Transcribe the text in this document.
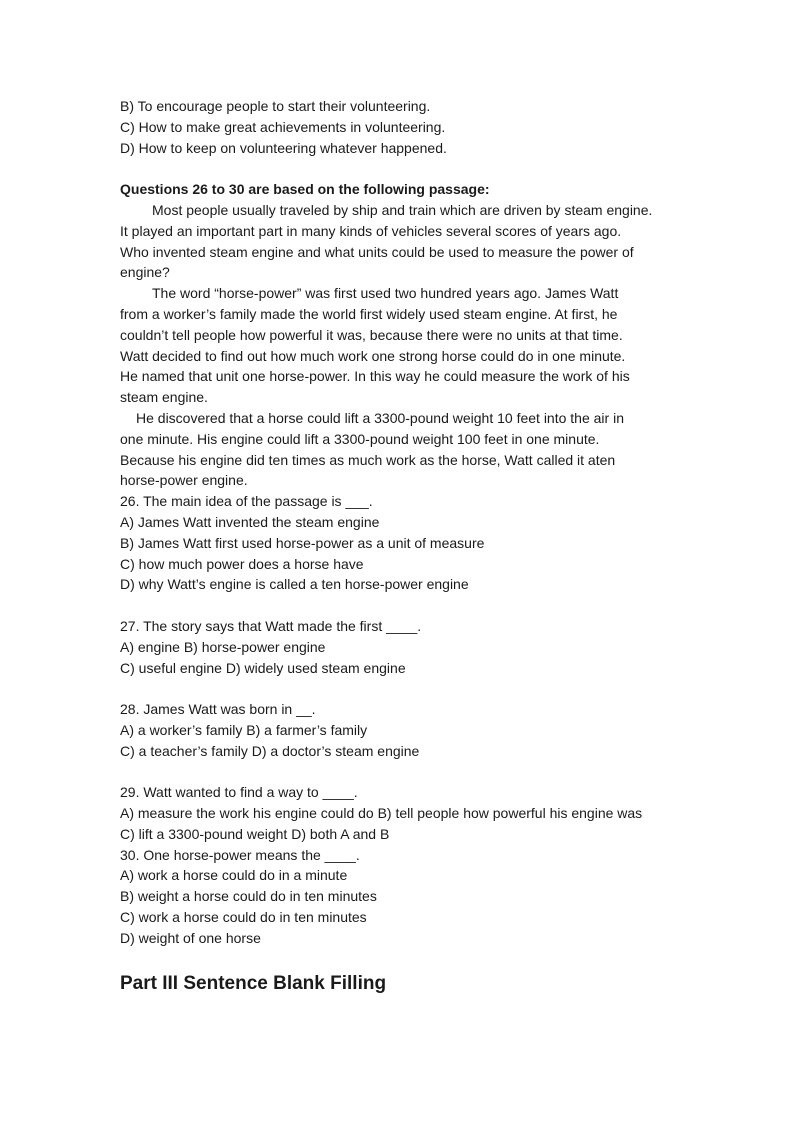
B) To encourage people to start their volunteering.
C) How to make great achievements in volunteering.
D) How to keep on volunteering whatever happened.
Questions 26 to 30 are based on the following passage:
Most people usually traveled by ship and train which are driven by steam engine.
It played an important part in many kinds of vehicles several scores of years ago.
Who invented steam engine and what units could be used to measure the power of
engine?
The word “horse-power” was first used two hundred years ago. James Watt
from a worker’s family made the world first widely used steam engine. At first, he
couldn’t tell people how powerful it was, because there were no units at that time.
Watt decided to find out how much work one strong horse could do in one minute.
He named that unit one horse-power. In this way he could measure the work of his
steam engine.
He discovered that a horse could lift a 3300-pound weight 10 feet into the air in
one minute. His engine could lift a 3300-pound weight 100 feet in one minute.
Because his engine did ten times as much work as the horse, Watt called it aten
horse-power engine.
26. The main idea of the passage is ___.
A) James Watt invented the steam engine
B) James Watt first used horse-power as a unit of measure
C) how much power does a horse have
D) why Watt’s engine is called a ten horse-power engine
27. The story says that Watt made the first ____.
A) engine B) horse-power engine
C) useful engine D) widely used steam engine
28. James Watt was born in __.
A) a worker’s family B) a farmer’s family
C) a teacher’s family D) a doctor’s steam engine
29. Watt wanted to find a way to ____.
A) measure the work his engine could do B) tell people how powerful his engine was
C) lift a 3300-pound weight D) both A and B
30. One horse-power means the ____.
A) work a horse could do in a minute
B) weight a horse could do in ten minutes
C) work a horse could do in ten minutes
D) weight of one horse
Part III Sentence Blank Filling
